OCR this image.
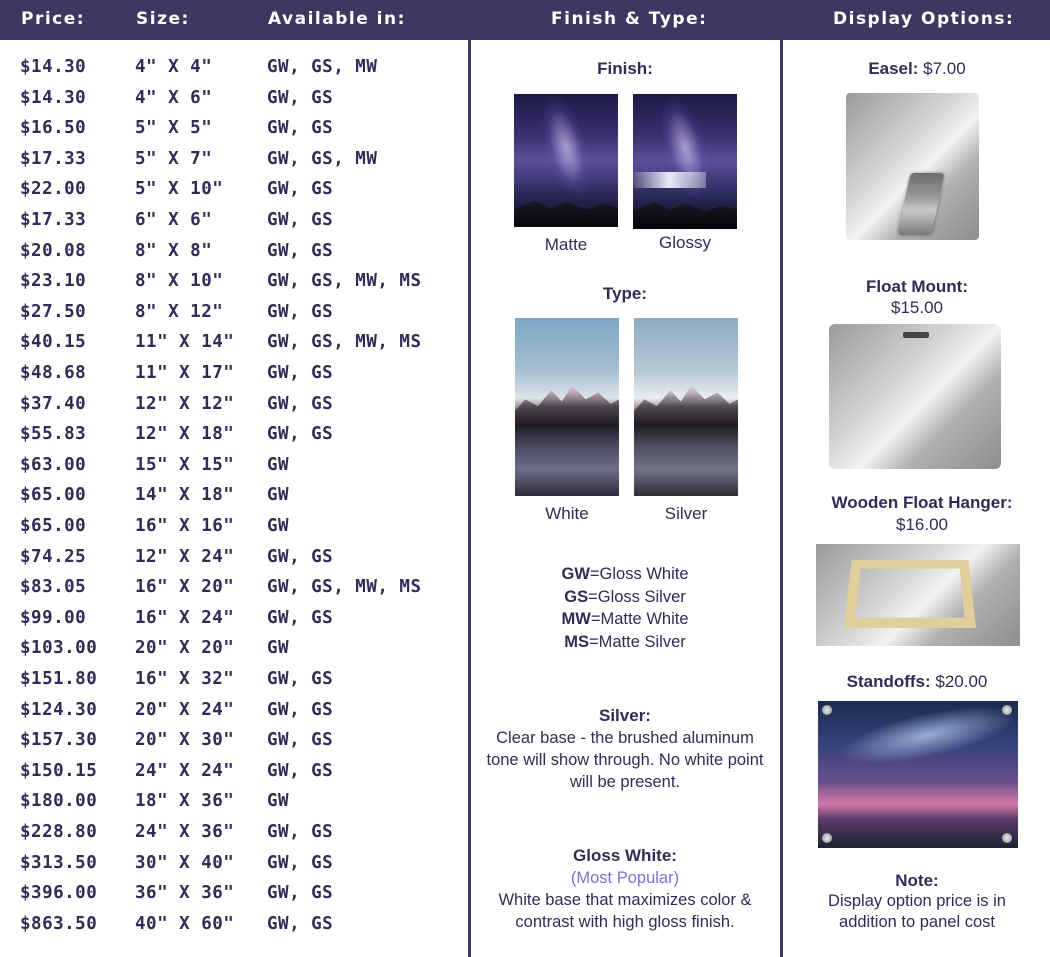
Price:	Size:	Available in:	Finish & Type:	Display Options:
$14.30	4" X 4"	GW, GS, MW
$14.30	4" X 6"	GW, GS
$16.50	5" X 5"	GW, GS
$17.33	5" X 7"	GW, GS, MW
$22.00	5" X 10" GW, GS
$17.33	6" X 6"	GW, GS
$20.08	8" X 8"	GW, GS
$23.10	8" X 10" GW, GS, MW, MS
$27.50	8" X 12" GW, GS
$40.15	11" X 14" GW, GS, MW, MS
$48.68	11" X 17" GW, GS
$37.40	12" X 12" GW, GS
$55.83	12" X 18" GW, GS
$63.00	15" X 15" GW
$65.00	14" X 18" GW
$65.00	16" X 16" GW
$74.25	12" X 24" GW, GS
$83.05	16" X 20" GW, GS, MW, MS
$99.00	16" X 24" GW, GS
$103.00 20" X 20" GW
$151.80 16" X 32" GW, GS
$124.30 20" X 24" GW, GS
$157.30 20" X 30" GW, GS
$150.15 24" X 24" GW, GS
$180.00 18" X 36" GW
$228.80 24" X 36" GW, GS
$313.50 30" X 40" GW, GS
$396.00 36" X 36" GW, GS
$863.50 40" X 60" GW, GS
Finish:
Matte	Glossy
Type:
White	Silver
GW=Gloss White
GS=Gloss Silver
MW=Matte White
MS=Matte Silver
Silver:
Clear base - the brushed aluminum tone will show through. No white point will be present.
Gloss White:
(Most Popular)
White base that maximizes color & contrast with high gloss finish.
Easel: $7.00
Float Mount:
$15.00
Wooden Float Hanger:
$16.00
Standoffs: $20.00
Note:
Display option price is in addition to panel cost
